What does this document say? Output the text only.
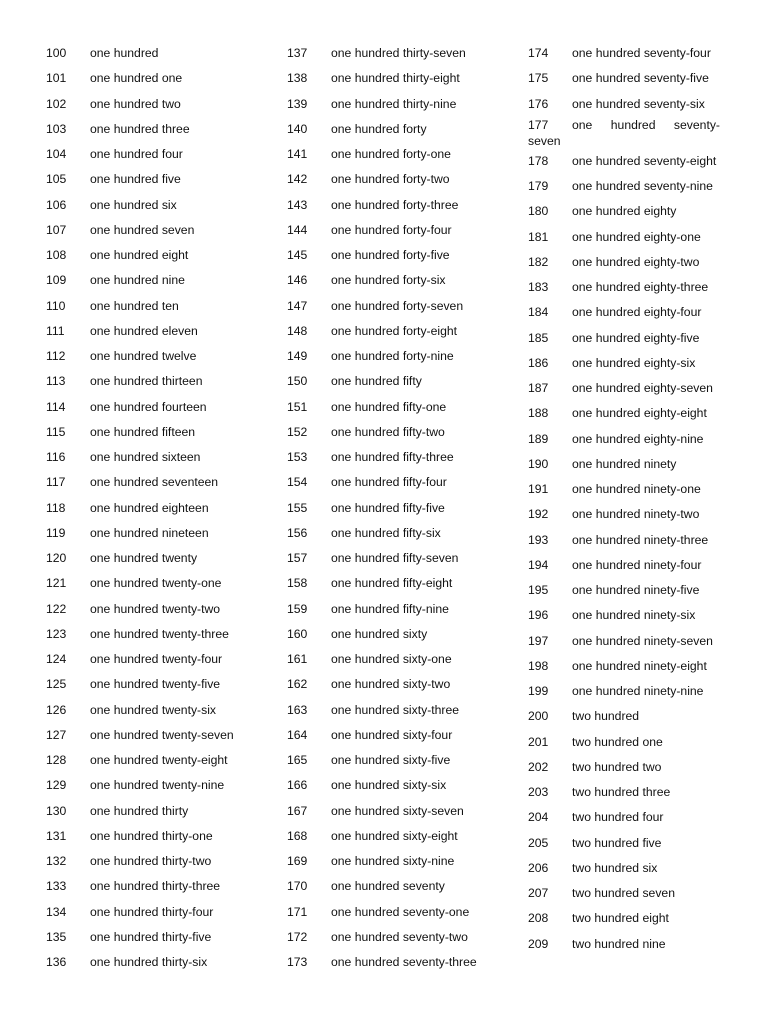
100	one hundred
101	one hundred one
102	one hundred two
103	one hundred three
104	one hundred four
105	one hundred five
106	one hundred six
107	one hundred seven
108	one hundred eight
109	one hundred nine
110	one hundred ten
111	one hundred eleven
112	one hundred twelve
113	one hundred thirteen
114	one hundred fourteen
115	one hundred fifteen
116	one hundred sixteen
117	one hundred seventeen
118	one hundred eighteen
119	one hundred nineteen
120	one hundred twenty
121	one hundred twenty-one
122	one hundred twenty-two
123	one hundred twenty-three
124	one hundred twenty-four
125	one hundred twenty-five
126	one hundred twenty-six
127	one hundred twenty-seven
128	one hundred twenty-eight
129	one hundred twenty-nine
130	one hundred thirty
131	one hundred thirty-one
132	one hundred thirty-two
133	one hundred thirty-three
134	one hundred thirty-four
135	one hundred thirty-five
136	one hundred thirty-six
137	one hundred thirty-seven
138	one hundred thirty-eight
139	one hundred thirty-nine
140	one hundred forty
141	one hundred forty-one
142	one hundred forty-two
143	one hundred forty-three
144	one hundred forty-four
145	one hundred forty-five
146	one hundred forty-six
147	one hundred forty-seven
148	one hundred forty-eight
149	one hundred forty-nine
150	one hundred fifty
151	one hundred fifty-one
152	one hundred fifty-two
153	one hundred fifty-three
154	one hundred fifty-four
155	one hundred fifty-five
156	one hundred fifty-six
157	one hundred fifty-seven
158	one hundred fifty-eight
159	one hundred fifty-nine
160	one hundred sixty
161	one hundred sixty-one
162	one hundred sixty-two
163	one hundred sixty-three
164	one hundred sixty-four
165	one hundred sixty-five
166	one hundred sixty-six
167	one hundred sixty-seven
168	one hundred sixty-eight
169	one hundred sixty-nine
170	one hundred seventy
171	one hundred seventy-one
172	one hundred seventy-two
173	one hundred seventy-three
174	one hundred seventy-four
175	one hundred seventy-five
176	one hundred seventy-six
177 one hundred seventy-

seven
178	one hundred seventy-eight
179	one hundred seventy-nine
180	one hundred eighty
181	one hundred eighty-one
182	one hundred eighty-two
183	one hundred eighty-three
184	one hundred eighty-four
185	one hundred eighty-five
186	one hundred eighty-six
187	one hundred eighty-seven
188	one hundred eighty-eight
189	one hundred eighty-nine
190	one hundred ninety
191	one hundred ninety-one
192	one hundred ninety-two
193	one hundred ninety-three
194	one hundred ninety-four
195	one hundred ninety-five
196	one hundred ninety-six
197	one hundred ninety-seven
198	one hundred ninety-eight
199	one hundred ninety-nine
200	two hundred
201	two hundred one
202	two hundred two
203	two hundred three
204	two hundred four
205	two hundred five
206	two hundred six
207	two hundred seven
208	two hundred eight
209	two hundred nine
